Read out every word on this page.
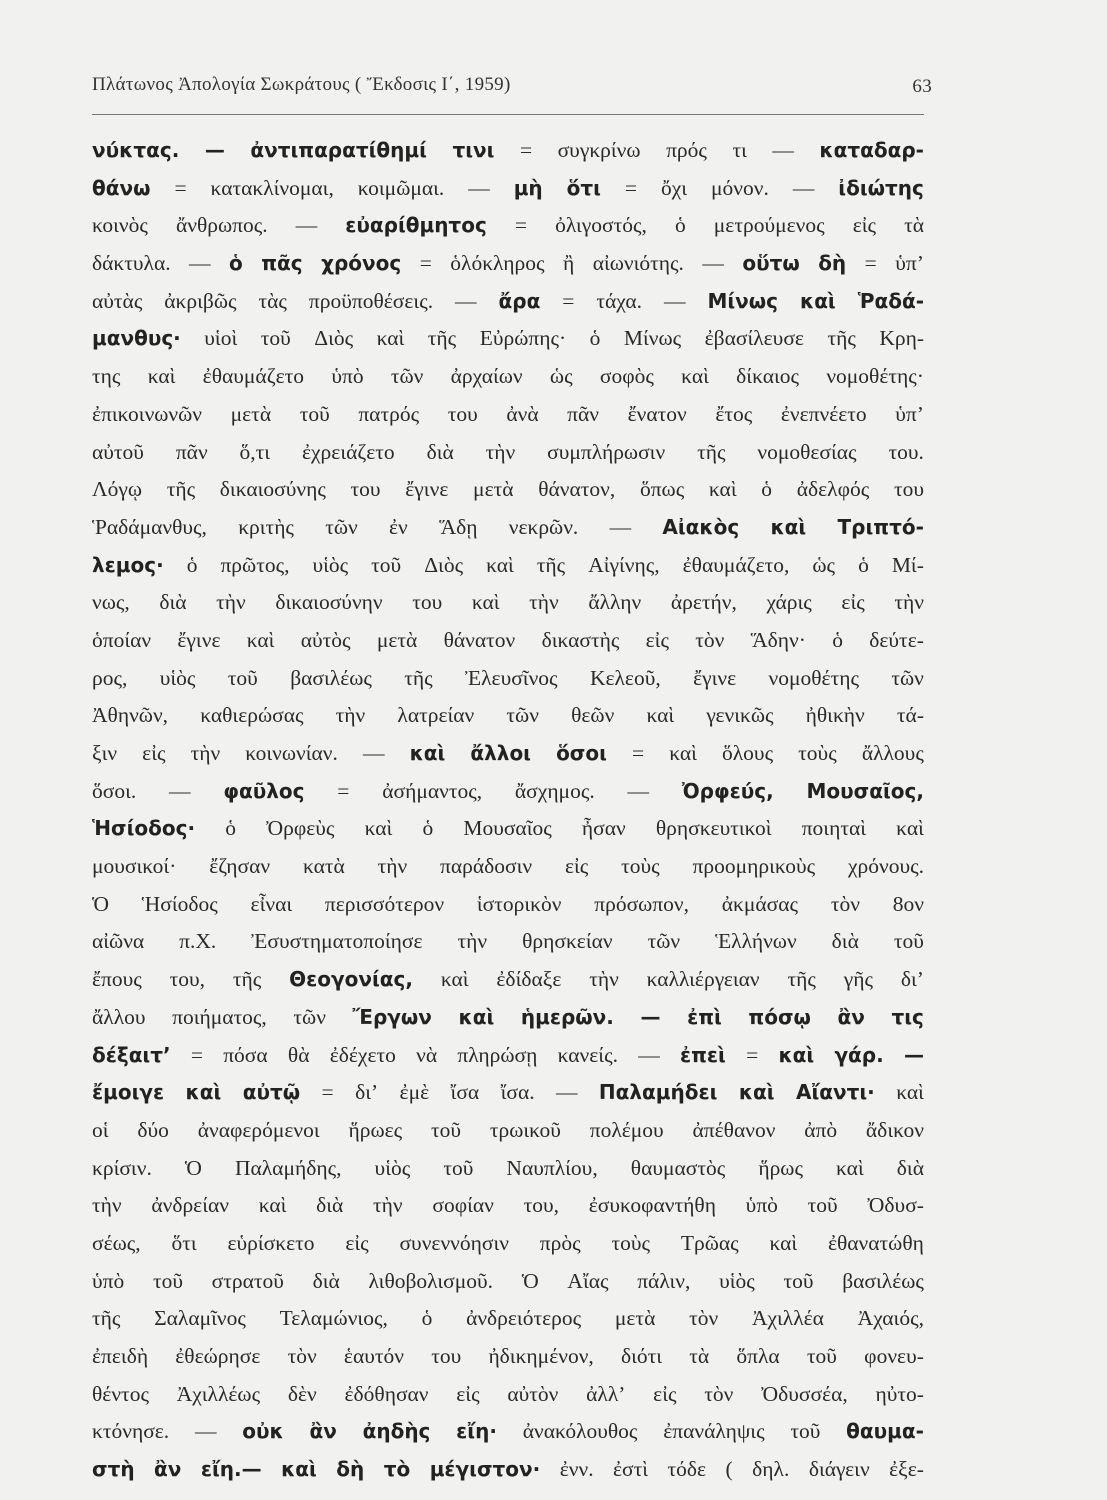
Πλάτωνος Ἀπολογία Σωκράτους ( Ἔκδοσις Ι΄, 1959)	63
νύκτας. — ἀντιπαρατίθημί τινι = συγκρίνω πρός τι — καταδαρ-
θάνω = κατακλίνομαι, κοιμῶμαι. — μὴ ὅτι = ὄχι μόνον. — ἰδιώτης
κοινὸς ἄνθρωπος. — εὐαρίθμητος = ὀλιγοστός, ὁ μετρούμενος εἰς τὰ
δάκτυλα. — ὁ πᾶς χρόνος = ὁλόκληρος ἢ αἰωνιότης. — οὕτω δὴ = ὑπ’
αὐτὰς ἀκριβῶς τὰς προϋποθέσεις. — ἄρα = τάχα. — Μίνως καὶ Ῥαδά-
μανθυς· υἱοὶ τοῦ Διὸς καὶ τῆς Εὐρώπης· ὁ Μίνως ἐβασίλευσε τῆς Κρη-
της καὶ ἐθαυμάζετο ὑπὸ τῶν ἀρχαίων ὡς σοφὸς καὶ δίκαιος νομοθέτης·
ἐπικοινωνῶν μετὰ τοῦ πατρός του ἀνὰ πᾶν ἔνατον ἔτος ἐνεπνέετο ὑπ’
αὐτοῦ πᾶν ὅ,τι ἐχρειάζετο διὰ τὴν συμπλήρωσιν τῆς νομοθεσίας του.
Λόγῳ τῆς δικαιοσύνης του ἔγινε μετὰ θάνατον, ὅπως καὶ ὁ ἀδελφός του
Ῥαδάμανθυς, κριτὴς τῶν ἐν Ἅδῃ νεκρῶν. — Αἰακὸς καὶ Τριπτό-
λεμος· ὁ πρῶτος, υἱὸς τοῦ Διὸς καὶ τῆς Αἰγίνης, ἐθαυμάζετο, ὡς ὁ Μί-
νως, διὰ τὴν δικαιοσύνην του καὶ τὴν ἄλλην ἀρετήν, χάρις εἰς τὴν
ὁποίαν ἔγινε καὶ αὐτὸς μετὰ θάνατον δικαστὴς εἰς τὸν Ἅδην· ὁ δεύτε-
ρος, υἱὸς τοῦ βασιλέως τῆς Ἐλευσῖνος Κελεοῦ, ἔγινε νομοθέτης τῶν
Ἀθηνῶν, καθιερώσας τὴν λατρείαν τῶν θεῶν καὶ γενικῶς ἠθικὴν τά-
ξιν εἰς τὴν κοινωνίαν. — καὶ ἄλλοι ὅσοι = καὶ ὅλους τοὺς ἄλλους
ὅσοι. — φαῦλος = ἀσήμαντος, ἄσχημος. — Ὀρφεύς, Μουσαῖος,
Ἡσίοδος· ὁ Ὀρφεὺς καὶ ὁ Μουσαῖος ἦσαν θρησκευτικοὶ ποιηταὶ καὶ
μουσικοί· ἔζησαν κατὰ τὴν παράδοσιν εἰς τοὺς προομηρικοὺς χρόνους.
Ὁ Ἡσίοδος εἶναι περισσότερον ἱστορικὸν πρόσωπον, ἀκμάσας τὸν 8ον
αἰῶνα π.Χ. Ἐσυστηματοποίησε τὴν θρησκείαν τῶν Ἑλλήνων διὰ τοῦ
ἔπους του, τῆς Θεογονίας, καὶ ἐδίδαξε τὴν καλλιέργειαν τῆς γῆς δι’
ἄλλου ποιήματος, τῶν Ἔργων καὶ ἡμερῶν. — ἐπὶ πόσῳ ἂν τις
δέξαιτ’ = πόσα θὰ ἐδέχετο νὰ πληρώσῃ κανείς. — ἐπεὶ = καὶ γάρ. —
ἔμοιγε καὶ αὐτῷ = δι’ ἐμὲ ἴσα ἴσα. — Παλαμήδει καὶ Αἴαντι· καὶ
οἱ δύο ἀναφερόμενοι ἥρωες τοῦ τρωικοῦ πολέμου ἀπέθανον ἀπὸ ἄδικον
κρίσιν. Ὁ Παλαμήδης, υἱὸς τοῦ Ναυπλίου, θαυμαστὸς ἥρως καὶ διὰ
τὴν ἀνδρείαν καὶ διὰ τὴν σοφίαν του, ἐσυκοφαντήθη ὑπὸ τοῦ Ὀδυσ-
σέως, ὅτι εὑρίσκετο εἰς συνεννόησιν πρὸς τοὺς Τρῶας καὶ ἐθανατώθη
ὑπὸ τοῦ στρατοῦ διὰ λιθοβολισμοῦ. Ὁ Αἴας πάλιν, υἱὸς τοῦ βασιλέως
τῆς Σαλαμῖνος Τελαμώνιος, ὁ ἀνδρειότερος μετὰ τὸν Ἀχιλλέα Ἀχαιός,
ἐπειδὴ ἐθεώρησε τὸν ἑαυτόν του ἠδικημένον, διότι τὰ ὅπλα τοῦ φονευ-
θέντος Ἀχιλλέως δὲν ἐδόθησαν εἰς αὐτὸν ἀλλ’ εἰς τὸν Ὀδυσσέα, ηὐτο-
κτόνησε. — οὐκ ἂν ἀηδὴς εἴη· ἀνακόλουθος ἐπανάληψις τοῦ θαυμα-
στὴ ἂν εἴη.— καὶ δὴ τὸ μέγιστον· ἐνν. ἐστὶ τόδε ( δηλ. διάγειν ἐξε-
